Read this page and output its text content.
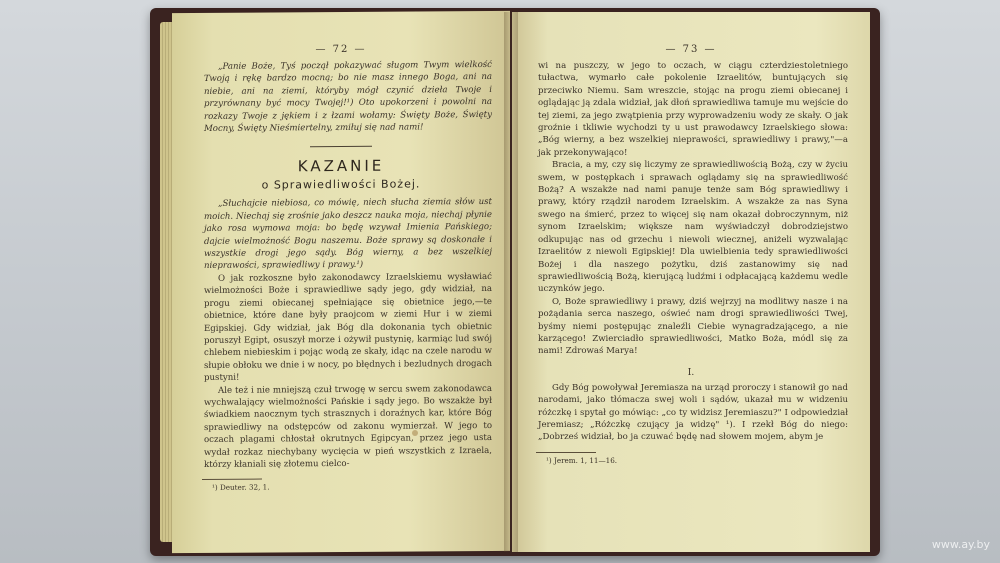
— 72 —

„Panie Boże, Tyś począł pokazywać sługom Twym wielkość Twoją i rękę bardzo mocną; bo nie masz innego Boga, ani na niebie, ani na ziemi, któryby mógł czynić dzieła Twoje i przyrównany być mocy Twojej!¹) Oto upokorzeni i powolni na rozkazy Twoje z jękiem i z łzami wołamy: Święty Boże, Święty Mocny, Święty Nieśmiertelny, zmiłuj się nad nami!

KAZANIE
o Sprawiedliwości Bożej.

„Słuchajcie niebiosa, co mówię, niech słucha ziemia słów ust moich. Niechaj się zrośnie jako deszcz nauka moja, niechaj płynie jako rosa wymowa moja: bo będę wzywał Imienia Pańskiego; dajcie wielmożność Bogu naszemu. Boże sprawy są doskonałe i wszystkie drogi jego sądy. Bóg wierny, a bez wszelkiej nieprawości, sprawiedliwy i prawy.¹)

O jak rozkoszne było zakonodawcy Izraelskiemu wysławiać wielmożności Boże i sprawiedliwe sądy jego, gdy widział, na progu ziemi obiecanej spełniające się obietnice jego,—te obietnice, które dane były praojcom w ziemi Hur i w ziemi Egipskiej. Gdy widział, jak Bóg dla dokonania tych obietnic poruszył Egipt, osuszył morze i ożywił pustynię, karmiąc lud swój chlebem niebieskim i pojąc wodą ze skały, idąc na czele narodu w słupie obłoku we dnie i w nocy, po błędnych i bezludnych drogach pustyni!

Ale też i nie mniejszą czuł trwogę w sercu swem zakonodawca wychwalający wielmożności Pańskie i sądy jego. Bo wszakże był świadkiem naocznym tych strasznych i doraźnych kar, które Bóg sprawiedliwy na odstępców od zakonu wymierzał. W jego to oczach plagami chłostał okrutnych Egipcyan, przez jego usta wydał rozkaz niechybany wycięcia w pień wszystkich z Izraela, którzy kłaniali się złotemu cielco-

¹) Deuter. 32, 1.
— 73 —

wi na puszczy, w jego to oczach, w ciągu czterdziestoletniego tułactwa, wymarło całe pokolenie Izraelitów, buntujących się przeciwko Niemu. Sam wreszcie, stojąc na progu ziemi obiecanej i oglądając ją zdala widział, jak dłoń sprawiedliwa tamuje mu wejście do tej ziemi, za jego zwątpienia przy wyprowadzeniu wody ze skały. O jak groźnie i tkliwie wychodzi ty u ust prawodawcy Izraelskiego słowa: „Bóg wierny, a bez wszelkiej nieprawości, sprawiedliwy i prawy,"—a jak przekonywająco!

Bracia, a my, czy się liczymy ze sprawiedliwością Bożą, czy w życiu swem, w postępkach i sprawach oglądamy się na sprawiedliwość Bożą? A wszakże nad nami panuje tenże sam Bóg sprawiedliwy i prawy, który rządził narodem Izraelskim. A wszakże za nas Syna swego na śmierć, przez to więcej się nam okazał dobroczynnym, niż synom Izraelskim; większe nam wyświadczył dobrodziejstwo odkupując nas od grzechu i niewoli wiecznej, aniżeli wyzwalając Izraelitów z niewoli Egipskiej! Dla uwielbienia tedy sprawiedliwości Bożej i dla naszego pożytku, dziś zastanowimy się nad sprawiedliwością Bożą, kierującą ludźmi i odpłacającą każdemu wedle uczynków jego.

O, Boże sprawiedliwy i prawy, dziś wejrzyj na modlitwy nasze i na pożądania serca naszego, oświeć nam drogi sprawiedliwości Twej, byśmy niemi postępując znaleźli Ciebie wynagradzającego, a nie karzącego! Zwierciadło sprawiedliwości, Matko Boża, módl się za nami! Zdrowaś Marya!

I.

Gdy Bóg powoływał Jeremiasza na urząd proroczy i stanowił go nad narodami, jako tłómacza swej woli i sądów, ukazał mu w widzeniu różczkę i spytał go mówiąc: „co ty widzisz Jeremiaszu?" I odpowiedział Jeremiasz; „Różczkę czujący ja widzę" ¹). I rzekł Bóg do niego: „Dobrześ widział, bo ja czuwać będę nad słowem mojem, abym je

¹) Jerem. 1, 11—16.
www.ay.by
